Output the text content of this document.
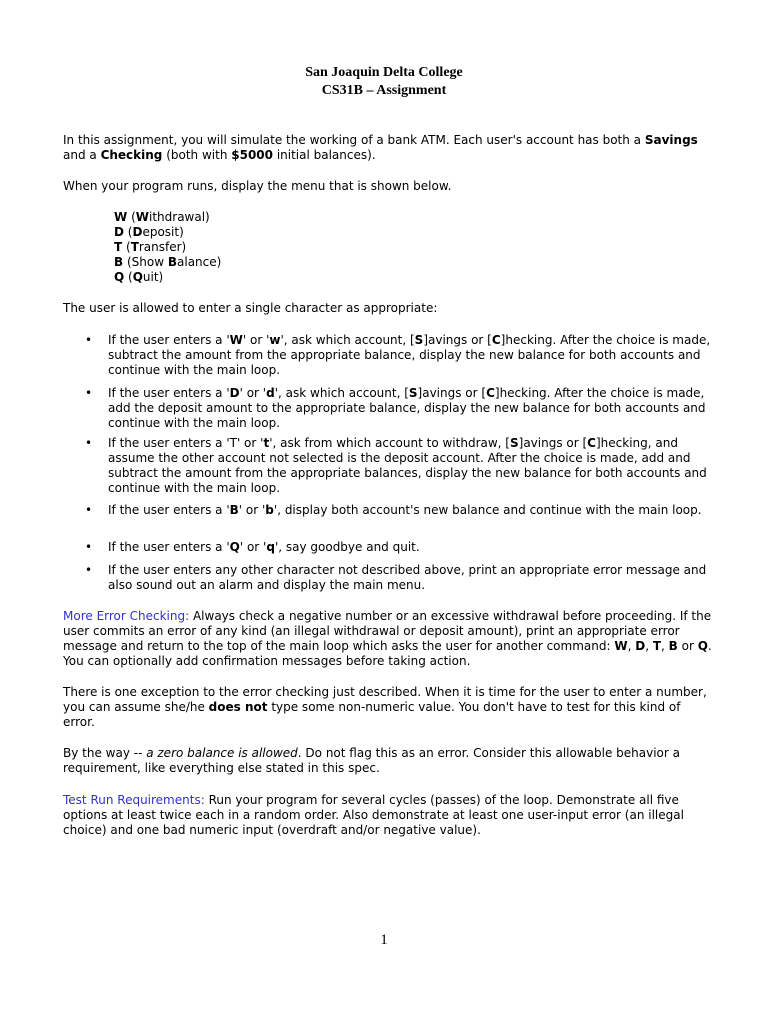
San Joaquin Delta College
CS31B – Assignment
In this assignment, you will simulate the working of a bank ATM. Each user's account has both a Savings and a Checking (both with $5000 initial balances).
When your program runs, display the menu that is shown below.
W (Withdrawal)
D (Deposit)
T (Transfer)
B (Show Balance)
Q (Quit)
The user is allowed to enter a single character as appropriate:
• If the user enters a 'W' or 'w', ask which account, [S]avings or [C]hecking. After the choice is made, subtract the amount from the appropriate balance, display the new balance for both accounts and continue with the main loop.
• If the user enters a 'D' or 'd', ask which account, [S]avings or [C]hecking. After the choice is made, add the deposit amount to the appropriate balance, display the new balance for both accounts and continue with the main loop.
• If the user enters a 'T' or 't', ask from which account to withdraw, [S]avings or [C]hecking, and assume the other account not selected is the deposit account. After the choice is made, add and subtract the amount from the appropriate balances, display the new balance for both accounts and continue with the main loop.
• If the user enters a 'B' or 'b', display both account's new balance and continue with the main loop.
• If the user enters a 'Q' or 'q', say goodbye and quit.
• If the user enters any other character not described above, print an appropriate error message and also sound out an alarm and display the main menu.
More Error Checking: Always check a negative number or an excessive withdrawal before proceeding. If the user commits an error of any kind (an illegal withdrawal or deposit amount), print an appropriate error message and return to the top of the main loop which asks the user for another command: W, D, T, B or Q. You can optionally add confirmation messages before taking action.
There is one exception to the error checking just described. When it is time for the user to enter a number, you can assume she/he does not type some non-numeric value. You don't have to test for this kind of error.
By the way -- a zero balance is allowed. Do not flag this as an error. Consider this allowable behavior a requirement, like everything else stated in this spec.
Test Run Requirements: Run your program for several cycles (passes) of the loop. Demonstrate all five options at least twice each in a random order. Also demonstrate at least one user-input error (an illegal choice) and one bad numeric input (overdraft and/or negative value).
1
